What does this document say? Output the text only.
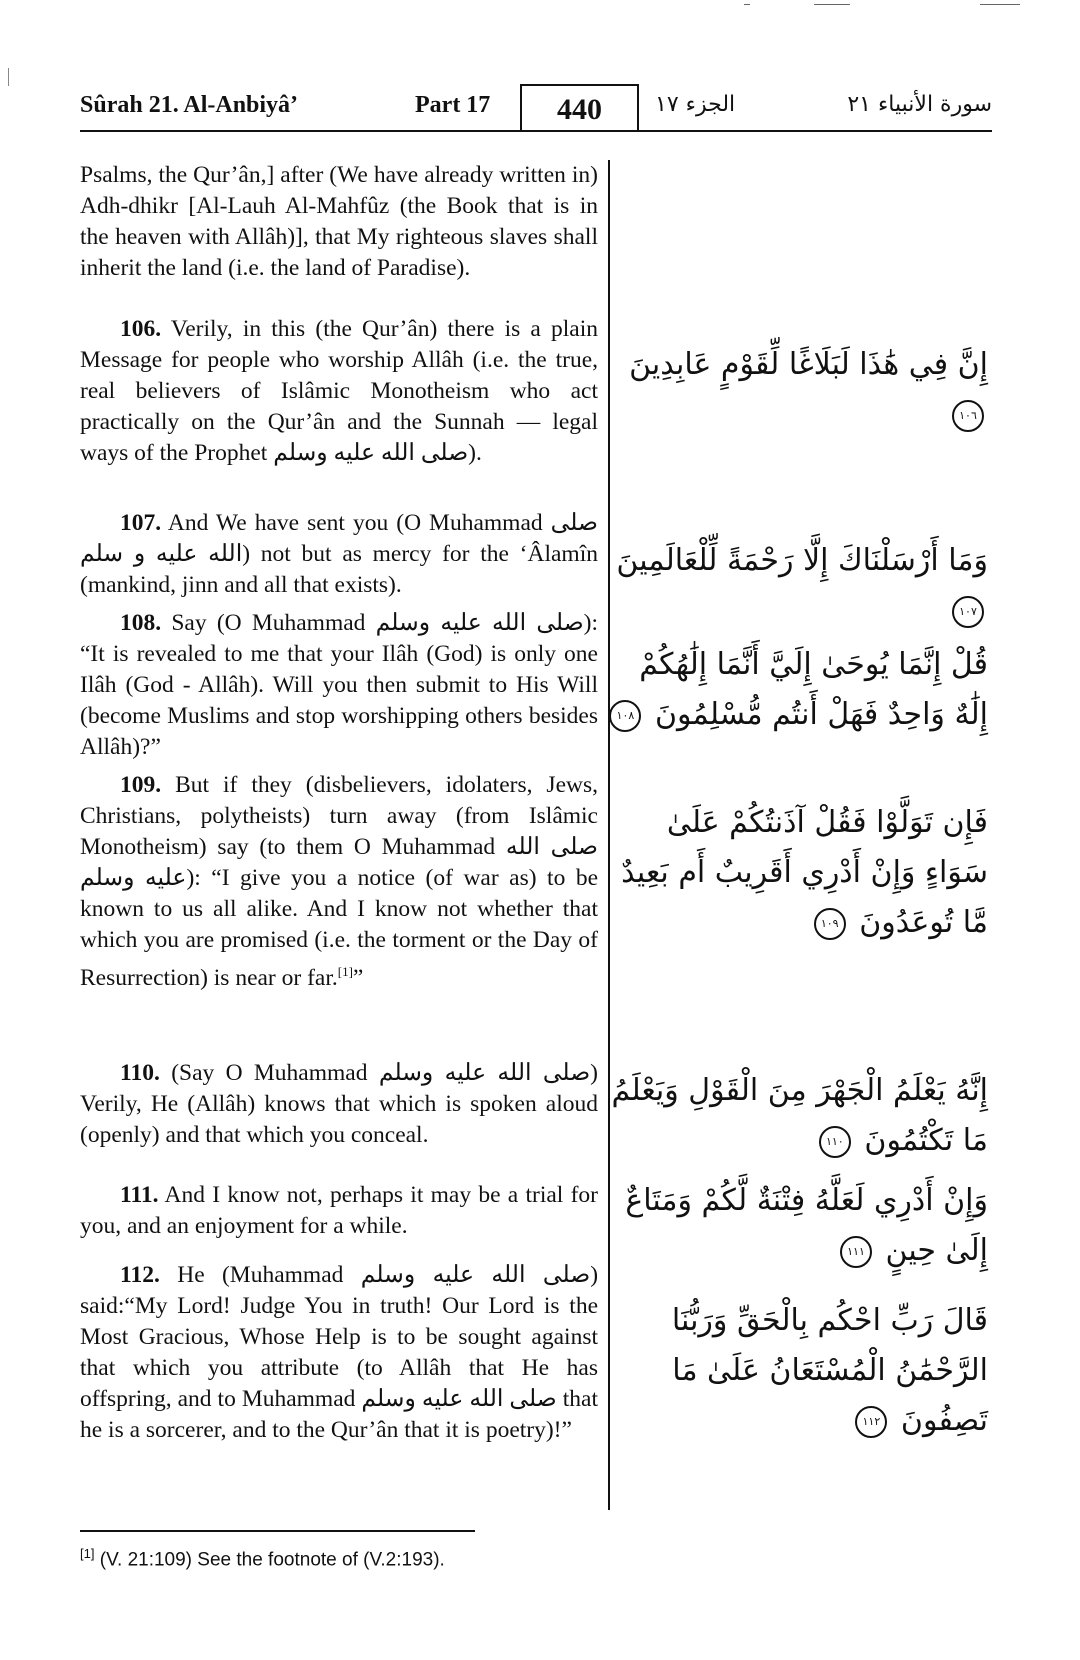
Sûrah 21. Al-Anbiyâ’	Part 17	440	الجزء ١٧	سورة الأنبياء ٢١

Psalms, the Qur’ân,] after (We have already written in) Adh-dhikr [Al-Lauh Al-Mahfûz (the Book that is in the heaven with Allâh)], that My righteous slaves shall inherit the land (i.e. the land of Paradise).

106. Verily, in this (the Qur’ân) there is a plain Message for people who worship Allâh (i.e. the true, real believers of Islâmic Monotheism who act practically on the Qur’ân and the Sunnah — legal ways of the Prophet صلى الله عليه وسلم).

107. And We have sent you (O Muhammad صلى الله عليه و سلم) not but as mercy for the ‘Âlamîn (mankind, jinn and all that exists).

108. Say (O Muhammad صلى الله عليه وسلم): “It is revealed to me that your Ilâh (God) is only one Ilâh (God - Allâh). Will you then submit to His Will (become Muslims and stop worshipping others besides Allâh)?”

109. But if they (disbelievers, idolaters, Jews, Christians, polytheists) turn away (from Islâmic Monotheism) say (to them O Muhammad صلى الله عليه وسلم): “I give you a notice (of war as) to be known to us all alike. And I know not whether that which you are promised (i.e. the torment or the Day of Resurrection) is near or far.[1]”

110. (Say O Muhammad صلى الله عليه وسلم) Verily, He (Allâh) knows that which is spoken aloud (openly) and that which you conceal.

111. And I know not, perhaps it may be a trial for you, and an enjoyment for a while.

112. He (Muhammad صلى الله عليه وسلم) said:“My Lord! Judge You in truth! Our Lord is the Most Gracious, Whose Help is to be sought against that which you attribute (to Allâh that He has offspring, and to Muhammad صلى الله عليه وسلم that he is a sorcerer, and to the Qur’ân that it is poetry)!”

إِنَّ فِي هَٰذَا لَبَلَاغًا لِّقَوْمٍ عَابِدِينَ ١٠٦
وَمَا أَرْسَلْنَاكَ إِلَّا رَحْمَةً لِّلْعَالَمِينَ ١٠٧
قُلْ إِنَّمَا يُوحَىٰ إِلَيَّ أَنَّمَا إِلَٰهُكُمْ إِلَٰهٌ وَاحِدٌ فَهَلْ أَنتُم مُّسْلِمُونَ ١٠٨
فَإِن تَوَلَّوْا فَقُلْ آذَنتُكُمْ عَلَىٰ سَوَاءٍ وَإِنْ أَدْرِي أَقَرِيبٌ أَم بَعِيدٌ مَّا تُوعَدُونَ ١٠٩
إِنَّهُ يَعْلَمُ الْجَهْرَ مِنَ الْقَوْلِ وَيَعْلَمُ مَا تَكْتُمُونَ ١١٠
وَإِنْ أَدْرِي لَعَلَّهُ فِتْنَةٌ لَّكُمْ وَمَتَاعٌ إِلَىٰ حِينٍ ١١١
قَالَ رَبِّ احْكُم بِالْحَقِّ وَرَبُّنَا الرَّحْمَٰنُ الْمُسْتَعَانُ عَلَىٰ مَا تَصِفُونَ ١١٢
[1] (V. 21:109) See the footnote of (V.2:193).
